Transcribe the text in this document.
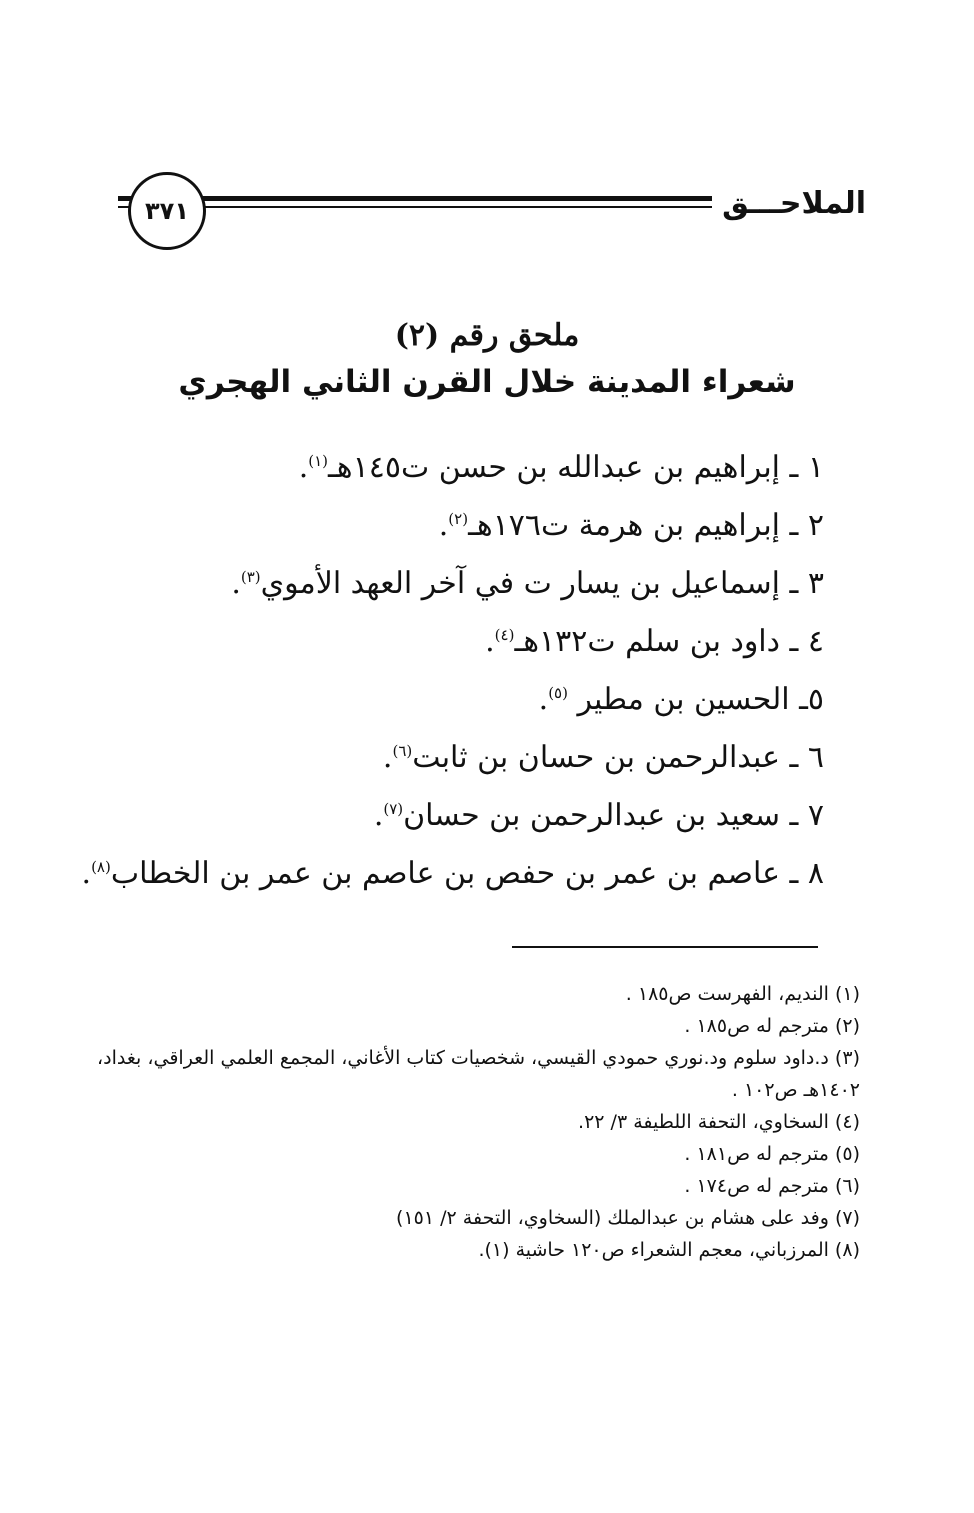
٣٧١	الملاحـــق
ملحق رقم (٢)
شعراء المدينة خلال القرن الثاني الهجري
١ ـ إبراهيم بن عبدالله بن حسن ت١٤٥هـ$^{(١)}$.
٢ ـ إبراهيم بن هرمة ت١٧٦هـ$^{(٢)}$.
٣ ـ إسماعيل بن يسار ت في آخر العهد الأموي$^{(٣)}$.
٤ ـ داود بن سلم ت١٣٢هـ$^{(٤)}$.
٥ـ الحسين بن مطير $^{(٥)}$.
٦ ـ عبدالرحمن بن حسان بن ثابت$^{(٦)}$.
٧ ـ سعيد بن عبدالرحمن بن حسان$^{(٧)}$.
٨ ـ عاصم بن عمر بن حفص بن عاصم بن عمر بن الخطاب$^{(٨)}$.
(١) النديم، الفهرست ص١٨٥ .
(٢) مترجم له ص١٨٥ .
(٣) د.داود سلوم ود.نوري حمودي القيسي، شخصيات كتاب الأغاني، المجمع العلمي العراقي، بغداد،
١٤٠٢هـ ص١٠٢ .
(٤) السخاوي، التحفة اللطيفة ٣/ ٢٢.
(٥) مترجم له ص١٨١ .
(٦) مترجم له ص١٧٤ .
(٧) وفد على هشام بن عبدالملك (السخاوي، التحفة ٢/ ١٥١)
(٨) المرزباني، معجم الشعراء ص١٢٠ حاشية (١).
